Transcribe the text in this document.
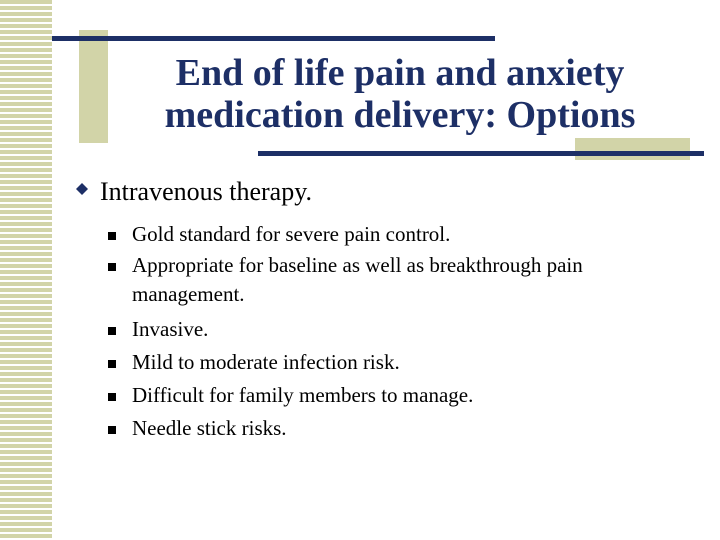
End of life pain and anxiety
medication delivery: Options
Intravenous therapy.
Gold standard for severe pain control.
Appropriate for baseline as well as breakthrough pain management.
Invasive.
Mild to moderate infection risk.
Difficult for family members to manage.
Needle stick risks.
